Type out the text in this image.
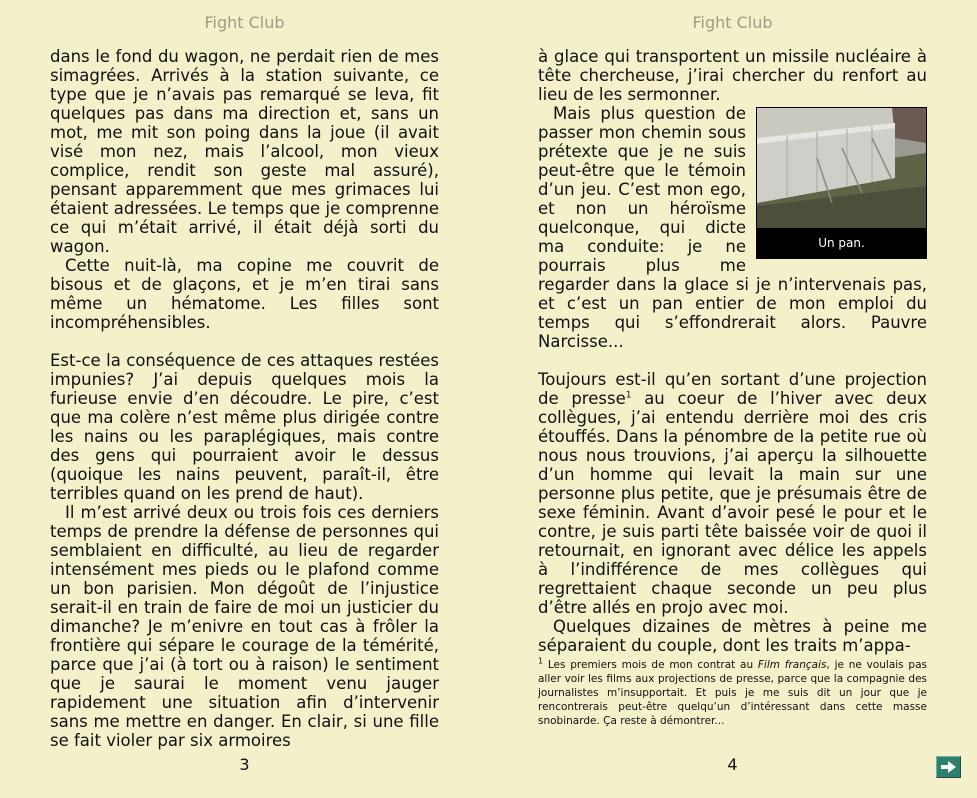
Fight Club

dans le fond du wagon, ne perdait rien de mes simagrées. Arrivés à la station suivante, ce type que je n’avais pas remarqué se leva, fit quelques pas dans ma direction et, sans un mot, me mit son poing dans la joue (il avait visé mon nez, mais l’alcool, mon vieux complice, rendit son geste mal assuré), pensant apparemment que mes grimaces lui étaient adressées. Le temps que je comprenne ce qui m’était arrivé, il était déjà sorti du wagon.

Cette nuit-là, ma copine me couvrit de bisous et de glaçons, et je m’en tirai sans même un hématome. Les filles sont incompréhensibles.

Est-ce la conséquence de ces attaques restées impunies? J’ai depuis quelques mois la furieuse envie d’en découdre. Le pire, c’est que ma colère n’est même plus dirigée contre les nains ou les paraplégiques, mais contre des gens qui pourraient avoir le dessus (quoique les nains peuvent, paraît-il, être terribles quand on les prend de haut).

Il m’est arrivé deux ou trois fois ces derniers temps de prendre la défense de personnes qui semblaient en difficulté, au lieu de regarder intensément mes pieds ou le plafond comme un bon parisien. Mon dégoût de l’injustice serait-il en train de faire de moi un justicier du dimanche? Je m’enivre en tout cas à frôler la frontière qui sépare le courage de la témérité, parce que j’ai (à tort ou à raison) le sentiment que je saurai le moment venu jauger rapidement une situation afin d’intervenir sans me mettre en danger. En clair, si une fille se fait violer par six armoires

3
Fight Club

à glace qui transportent un missile nucléaire à tête chercheuse, j’irai chercher du renfort au lieu de les sermonner.

Un pan.

Mais plus question de passer mon chemin sous prétexte que je ne suis peut-être que le témoin d’un jeu. C’est mon ego, et non un héroïsme quelconque, qui dicte ma conduite: je ne pourrais plus me regarder dans la glace si je n’intervenais pas, et c’est un pan entier de mon emploi du temps qui s’effondrerait alors. Pauvre Narcisse...

Toujours est-il qu’en sortant d’une projection de presse$^1$ au coeur de l’hiver avec deux collègues, j’ai entendu derrière moi des cris étouffés. Dans la pénombre de la petite rue où nous nous trouvions, j’ai aperçu la silhouette d’un homme qui levait la main sur une personne plus petite, que je présumais être de sexe féminin. Avant d’avoir pesé le pour et le contre, je suis parti tête baissée voir de quoi il retournait, en ignorant avec délice les appels à l’indifférence de mes collègues qui regrettaient chaque seconde un peu plus d’être allés en projo avec moi.

Quelques dizaines de mètres à peine me séparaient du couple, dont les traits m’appa-

$^1$ Les premiers mois de mon contrat au Film français, je ne voulais pas aller voir les films aux projections de presse, parce que la compagnie des journalistes m’insupportait. Et puis je me suis dit un jour que je rencontrerais peut-être quelqu’un d’intéressant dans cette masse snobinarde. Ça reste à démontrer...
4
